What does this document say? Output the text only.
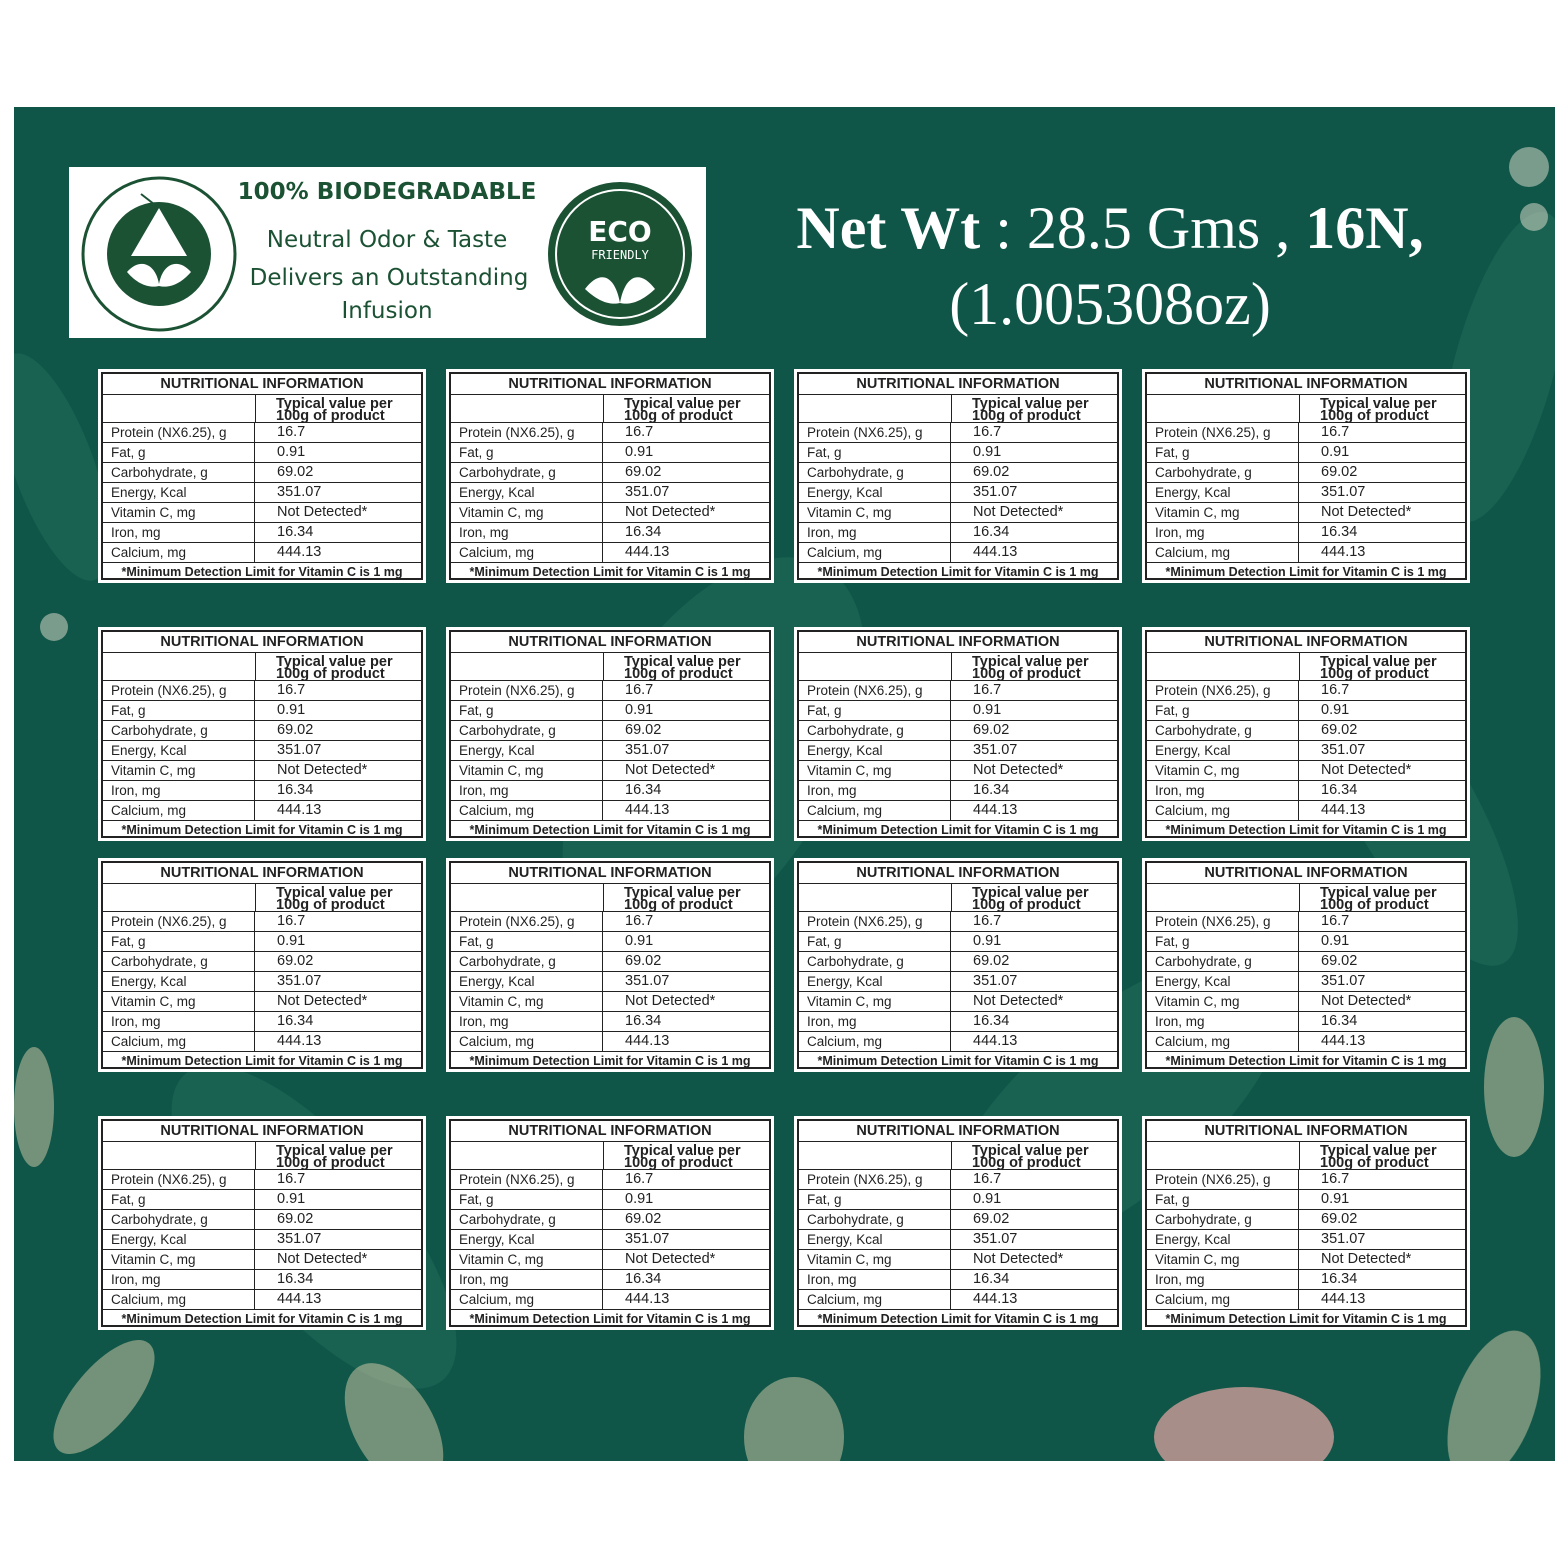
100% BIODEGRADABLE
Neutral Odor & Taste
Delivers an Outstanding
Infusion
ECO
FRIENDLY	Net Wt : 28.5 Gms , 16N,
(1.005308oz)
NUTRITIONAL INFORMATION
Typical value per 100g of product
Protein (NX6.25), g	16.7
Fat, g	0.91
Carbohydrate, g	69.02
Energy, Kcal	351.07
Vitamin C, mg	Not Detected*
Iron, mg	16.34
Calcium, mg	444.13
*Minimum Detection Limit for Vitamin C is 1 mg
NUTRITIONAL INFORMATION
Typical value per 100g of product
Protein (NX6.25), g	16.7
Fat, g	0.91
Carbohydrate, g	69.02
Energy, Kcal	351.07
Vitamin C, mg	Not Detected*
Iron, mg	16.34
Calcium, mg	444.13
*Minimum Detection Limit for Vitamin C is 1 mg
NUTRITIONAL INFORMATION
Typical value per 100g of product
Protein (NX6.25), g	16.7
Fat, g	0.91
Carbohydrate, g	69.02
Energy, Kcal	351.07
Vitamin C, mg	Not Detected*
Iron, mg	16.34
Calcium, mg	444.13
*Minimum Detection Limit for Vitamin C is 1 mg
NUTRITIONAL INFORMATION
Typical value per 100g of product
Protein (NX6.25), g	16.7
Fat, g	0.91
Carbohydrate, g	69.02
Energy, Kcal	351.07
Vitamin C, mg	Not Detected*
Iron, mg	16.34
Calcium, mg	444.13
*Minimum Detection Limit for Vitamin C is 1 mg
NUTRITIONAL INFORMATION
Typical value per 100g of product
Protein (NX6.25), g	16.7
Fat, g	0.91
Carbohydrate, g	69.02
Energy, Kcal	351.07
Vitamin C, mg	Not Detected*
Iron, mg	16.34
Calcium, mg	444.13
*Minimum Detection Limit for Vitamin C is 1 mg
NUTRITIONAL INFORMATION
Typical value per 100g of product
Protein (NX6.25), g	16.7
Fat, g	0.91
Carbohydrate, g	69.02
Energy, Kcal	351.07
Vitamin C, mg	Not Detected*
Iron, mg	16.34
Calcium, mg	444.13
*Minimum Detection Limit for Vitamin C is 1 mg
NUTRITIONAL INFORMATION
Typical value per 100g of product
Protein (NX6.25), g	16.7
Fat, g	0.91
Carbohydrate, g	69.02
Energy, Kcal	351.07
Vitamin C, mg	Not Detected*
Iron, mg	16.34
Calcium, mg	444.13
*Minimum Detection Limit for Vitamin C is 1 mg
NUTRITIONAL INFORMATION
Typical value per 100g of product
Protein (NX6.25), g	16.7
Fat, g	0.91
Carbohydrate, g	69.02
Energy, Kcal	351.07
Vitamin C, mg	Not Detected*
Iron, mg	16.34
Calcium, mg	444.13
*Minimum Detection Limit for Vitamin C is 1 mg
NUTRITIONAL INFORMATION
Typical value per 100g of product
Protein (NX6.25), g	16.7
Fat, g	0.91
Carbohydrate, g	69.02
Energy, Kcal	351.07
Vitamin C, mg	Not Detected*
Iron, mg	16.34
Calcium, mg	444.13
*Minimum Detection Limit for Vitamin C is 1 mg
NUTRITIONAL INFORMATION
Typical value per 100g of product
Protein (NX6.25), g	16.7
Fat, g	0.91
Carbohydrate, g	69.02
Energy, Kcal	351.07
Vitamin C, mg	Not Detected*
Iron, mg	16.34
Calcium, mg	444.13
*Minimum Detection Limit for Vitamin C is 1 mg
NUTRITIONAL INFORMATION
Typical value per 100g of product
Protein (NX6.25), g	16.7
Fat, g	0.91
Carbohydrate, g	69.02
Energy, Kcal	351.07
Vitamin C, mg	Not Detected*
Iron, mg	16.34
Calcium, mg	444.13
*Minimum Detection Limit for Vitamin C is 1 mg
NUTRITIONAL INFORMATION
Typical value per 100g of product
Protein (NX6.25), g	16.7
Fat, g	0.91
Carbohydrate, g	69.02
Energy, Kcal	351.07
Vitamin C, mg	Not Detected*
Iron, mg	16.34
Calcium, mg	444.13
*Minimum Detection Limit for Vitamin C is 1 mg
NUTRITIONAL INFORMATION
Typical value per 100g of product
Protein (NX6.25), g	16.7
Fat, g	0.91
Carbohydrate, g	69.02
Energy, Kcal	351.07
Vitamin C, mg	Not Detected*
Iron, mg	16.34
Calcium, mg	444.13
*Minimum Detection Limit for Vitamin C is 1 mg
NUTRITIONAL INFORMATION
Typical value per 100g of product
Protein (NX6.25), g	16.7
Fat, g	0.91
Carbohydrate, g	69.02
Energy, Kcal	351.07
Vitamin C, mg	Not Detected*
Iron, mg	16.34
Calcium, mg	444.13
*Minimum Detection Limit for Vitamin C is 1 mg
NUTRITIONAL INFORMATION
Typical value per 100g of product
Protein (NX6.25), g	16.7
Fat, g	0.91
Carbohydrate, g	69.02
Energy, Kcal	351.07
Vitamin C, mg	Not Detected*
Iron, mg	16.34
Calcium, mg	444.13
*Minimum Detection Limit for Vitamin C is 1 mg
NUTRITIONAL INFORMATION
Typical value per 100g of product
Protein (NX6.25), g	16.7
Fat, g	0.91
Carbohydrate, g	69.02
Energy, Kcal	351.07
Vitamin C, mg	Not Detected*
Iron, mg	16.34
Calcium, mg	444.13
*Minimum Detection Limit for Vitamin C is 1 mg
